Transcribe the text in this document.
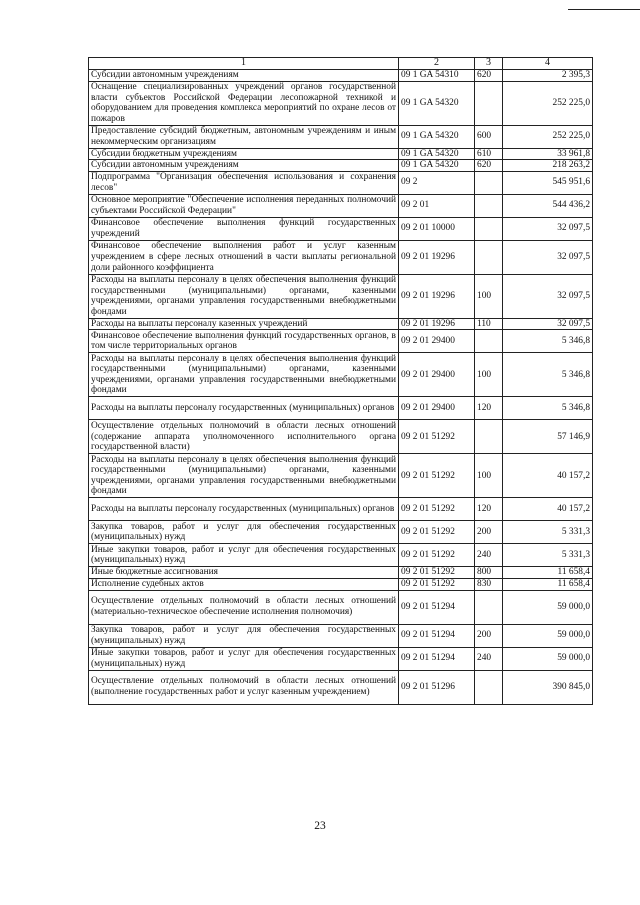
1	2	3	4
Субсидии автономным учреждениям	09 1 GA 54310	620	2 395,3
Оснащение специализированных учреждений органов государственной власти субъектов Российской Федерации лесопожарной техникой и оборудованием для проведения комплекса мероприятий по охране лесов от пожаров	09 1 GA 54320		252 225,0
Предоставление субсидий бюджетным, автономным учреждениям и иным некоммерческим организациям	09 1 GA 54320	600	252 225,0
Субсидии бюджетным учреждениям	09 1 GA 54320	610	33 961,8
Субсидии автономным учреждениям	09 1 GA 54320	620	218 263,2
Подпрограмма "Организация обеспечения использования и сохранения лесов"	09 2		545 951,6
Основное мероприятие "Обеспечение исполнения переданных полномочий субъектами Российской Федерации"	09 2 01		544 436,2
Финансовое обеспечение выполнения функций государственных учреждений	09 2 01 10000		32 097,5
Финансовое обеспечение выполнения работ и услуг казенным учреждением в сфере лесных отношений в части выплаты региональной доли районного коэффициента	09 2 01 19296		32 097,5
Расходы на выплаты персоналу в целях обеспечения выполнения функций государственными (муниципальными) органами, казенными учреждениями, органами управления государственными внебюджетными фондами	09 2 01 19296	100	32 097,5
Расходы на выплаты персоналу казенных учреждений	09 2 01 19296	110	32 097,5
Финансовое обеспечение выполнения функций государственных органов, в том числе территориальных органов	09 2 01 29400		5 346,8
Расходы на выплаты персоналу в целях обеспечения выполнения функций государственными (муниципальными) органами, казенными учреждениями, органами управления государственными внебюджетными фондами	09 2 01 29400	100	5 346,8
Расходы на выплаты персоналу государственных (муниципальных) органов	09 2 01 29400	120	5 346,8
Осуществление отдельных полномочий в области лесных отношений (содержание аппарата уполномоченного исполнительного органа государственной власти)	09 2 01 51292		57 146,9
Расходы на выплаты персоналу в целях обеспечения выполнения функций государственными (муниципальными) органами, казенными учреждениями, органами управления государственными внебюджетными фондами	09 2 01 51292	100	40 157,2
Расходы на выплаты персоналу государственных (муниципальных) органов	09 2 01 51292	120	40 157,2
Закупка товаров, работ и услуг для обеспечения государственных (муниципальных) нужд	09 2 01 51292	200	5 331,3
Иные закупки товаров, работ и услуг для обеспечения государственных (муниципальных) нужд	09 2 01 51292	240	5 331,3
Иные бюджетные ассигнования	09 2 01 51292	800	11 658,4
Исполнение судебных актов	09 2 01 51292	830	11 658,4
Осуществление отдельных полномочий в области лесных отношений (материально-техническое обеспечение исполнения полномочия)	09 2 01 51294		59 000,0
Закупка товаров, работ и услуг для обеспечения государственных (муниципальных) нужд	09 2 01 51294	200	59 000,0
Иные закупки товаров, работ и услуг для обеспечения государственных (муниципальных) нужд	09 2 01 51294	240	59 000,0
Осуществление отдельных полномочий в области лесных отношений (выполнение государственных работ и услуг казенным учреждением)	09 2 01 51296		390 845,0
23
